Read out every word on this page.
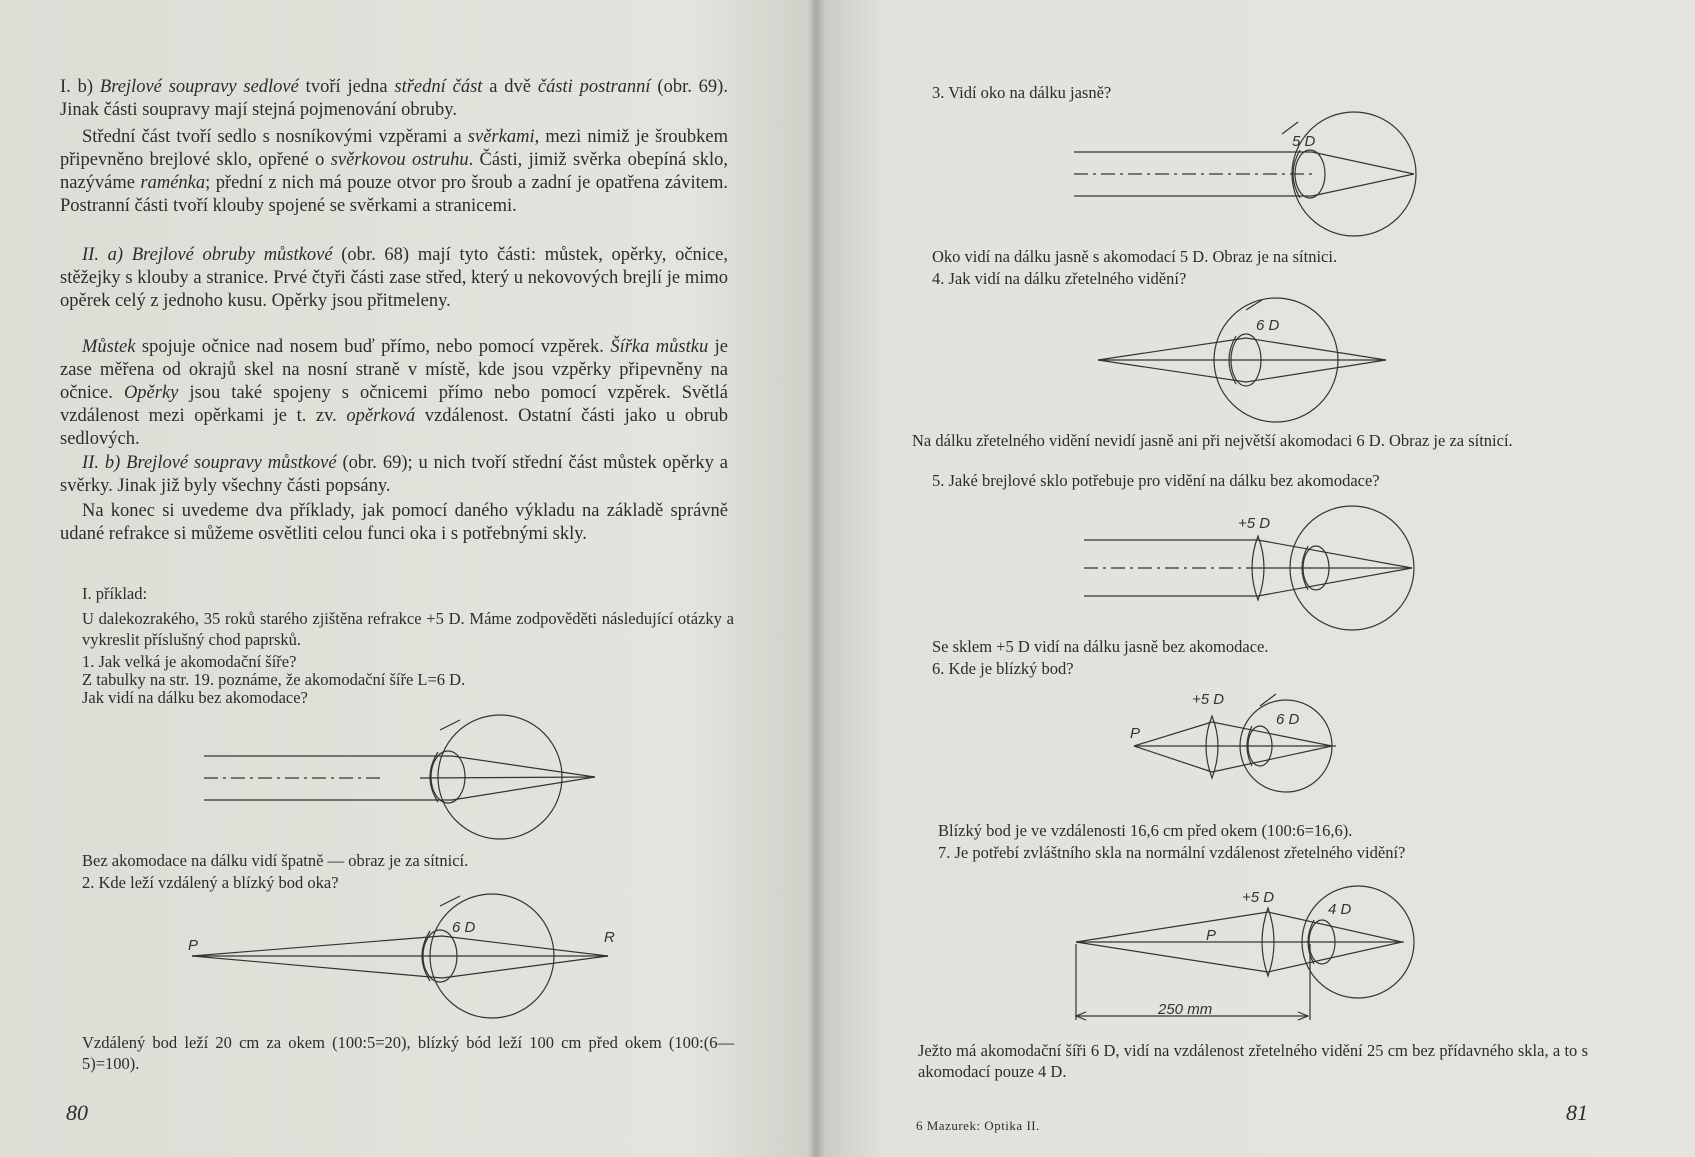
I. b) Brejlové soupravy sedlové tvoří jedna střední část a dvě části postranní (obr. 69). Jinak části soupravy mají stejná pojmenování obruby.

Střední část tvoří sedlo s nosníkovými vzpěrami a svěrkami, mezi nimiž je šroubkem připevněno brejlové sklo, opřené o svěrkovou ostruhu. Části, jimiž svěrka obepíná sklo, nazýváme raménka; přední z nich má pouze otvor pro šroub a zadní je opatřena závitem. Postranní části tvoří klouby spojené se svěrkami a stranicemi.

II. a) Brejlové obruby můstkové (obr. 68) mají tyto části: můstek, opěrky, očnice, stěžejky s klouby a stranice. Prvé čtyři části zase střed, který u nekovových brejlí je mimo opěrek celý z jednoho kusu. Opěrky jsou přitmeleny.

Můstek spojuje očnice nad nosem buď přímo, nebo pomocí vzpěrek. Šířka můstku je zase měřena od okrajů skel na nosní straně v místě, kde jsou vzpěrky připevněny na očnice. Opěrky jsou také spojeny s očnicemi přímo nebo pomocí vzpěrek. Světlá vzdálenost mezi opěrkami je t. zv. opěrková vzdálenost. Ostatní části jako u obrub sedlových.

II. b) Brejlové soupravy můstkové (obr. 69); u nich tvoří střední část můstek opěrky a svěrky. Jinak již byly všechny části popsány.

Na konec si uvedeme dva příklady, jak pomocí daného výkladu na základě správně udané refrakce si můžeme osvětliti celou funci oka i s potřebnými skly.

I. příklad:

U dalekozrakého, 35 roků starého zjištěna refrakce +5 D. Máme zodpověděti následující otázky a vykreslit příslušný chod paprsků.

1. Jak velká je akomodační šíře?

Z tabulky na str. 19. poznáme, že akomodační šíře L=6 D.

Jak vidí na dálku bez akomodace?

Bez akomodace na dálku vidí špatně — obraz je za sítnicí.

2. Kde leží vzdálený a blízký bod oka?

P	R
6 D

Vzdálený bod leží 20 cm za okem (100:5=20), blízký bód leží 100 cm před okem (100:(6—5)=100).

80

3. Vidí oko na dálku jasně?

5 D

Oko vidí na dálku jasně s akomodací 5 D. Obraz je na sítnici.

4. Jak vidí na dálku zřetelného vidění?

6 D

Na dálku zřetelného vidění nevidí jasně ani při největší akomodaci 6 D. Obraz je za sítnicí.

5. Jaké brejlové sklo potřebuje pro vidění na dálku bez akomodace?

+5 D

Se sklem +5 D vidí na dálku jasně bez akomodace.

6. Kde je blízký bod?

+5 D
6 D
P

Blízký bod je ve vzdálenosti 16,6 cm před okem (100:6=16,6).

7. Je potřebí zvláštního skla na normální vzdálenost zřetelného vidění?

+5 D
4 D
P
250 mm

Ježto má akomodační šíři 6 D, vidí na vzdálenost zřetelného vidění 25 cm bez přídavného skla, a to s akomodací pouze 4 D.

6 Mazurek: Optika II.
81
